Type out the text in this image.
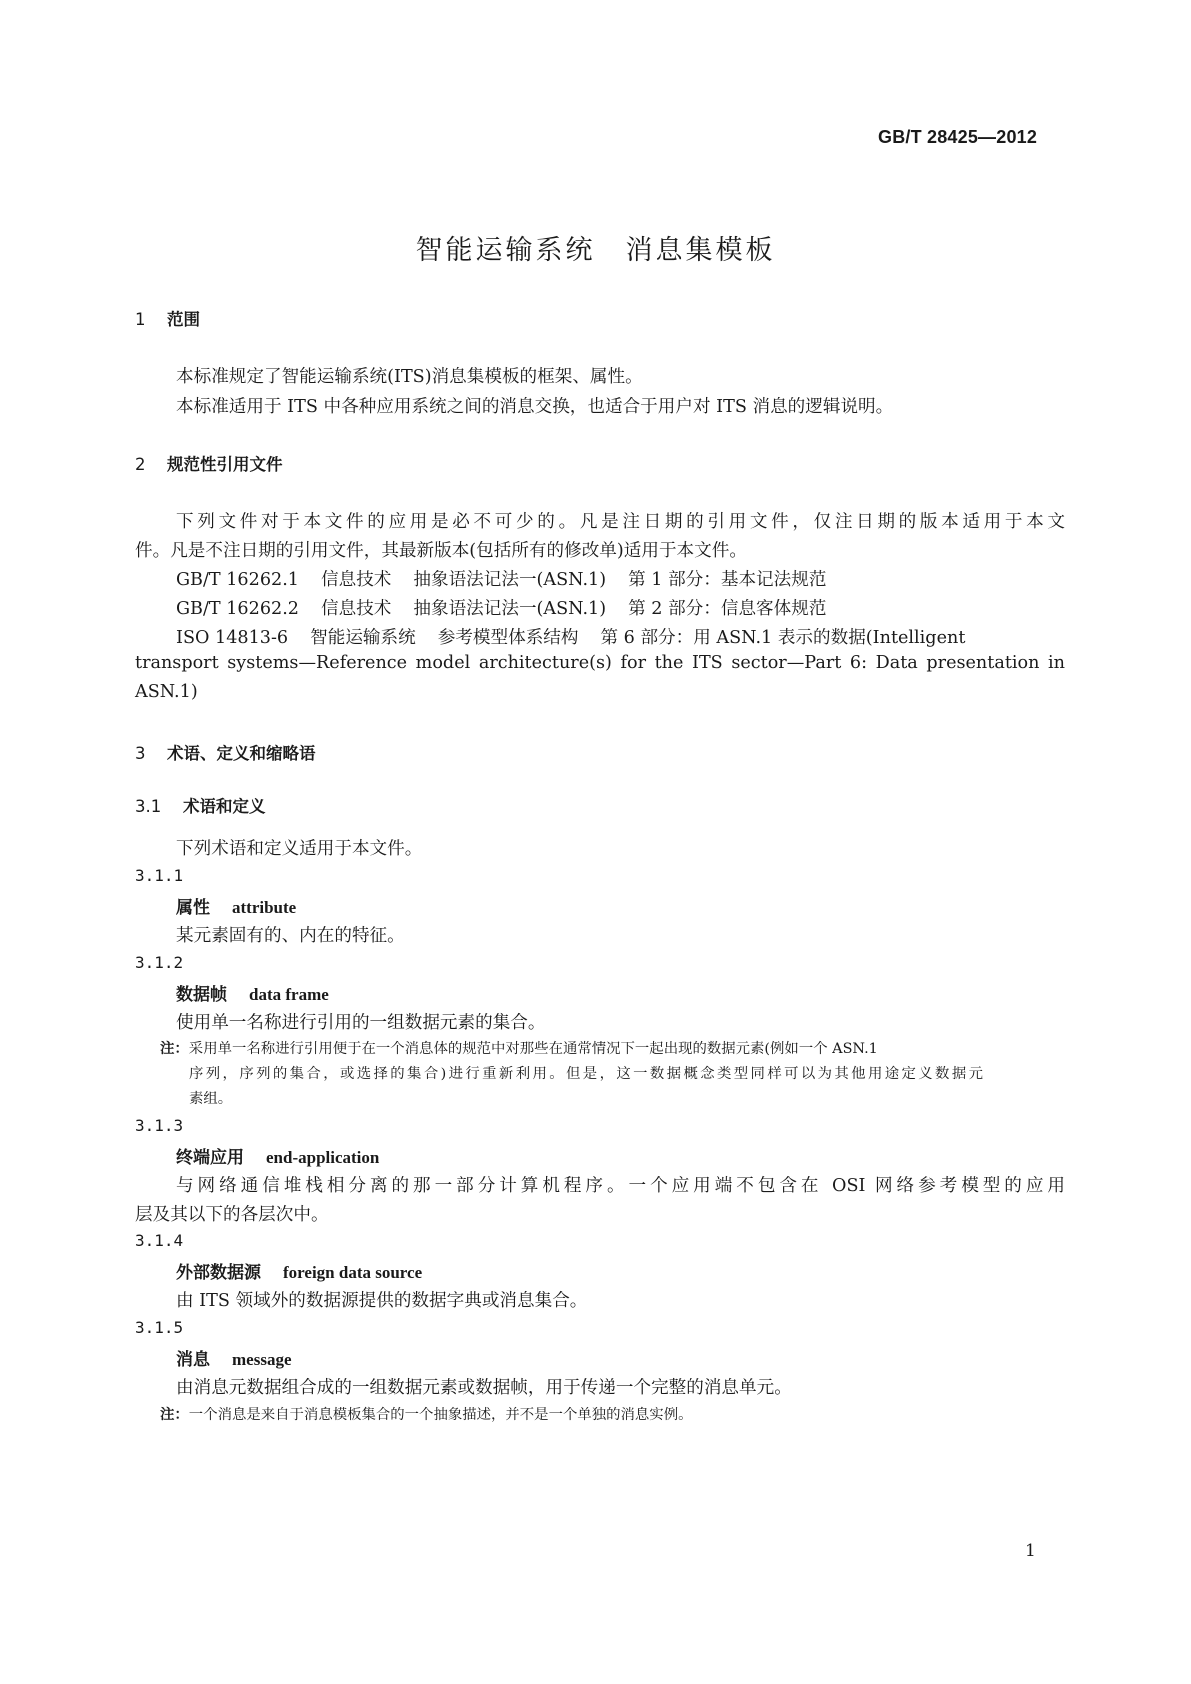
GB/T 28425—2012
智能运输系统　消息集模板
1 范围
本标准规定了智能运输系统(ITS)消息集模板的框架、属性。
本标准适用于 ITS 中各种应用系统之间的消息交换，也适合于用户对 ITS 消息的逻辑说明。
2 规范性引用文件
下列文件对于本文件的应用是必不可少的。凡是注日期的引用文件，仅注日期的版本适用于本文
件。凡是不注日期的引用文件，其最新版本(包括所有的修改单)适用于本文件。
GB/T 16262.1 信息技术 抽象语法记法一(ASN.1) 第 1 部分：基本记法规范
GB/T 16262.2 信息技术 抽象语法记法一(ASN.1) 第 2 部分：信息客体规范
ISO 14813-6 智能运输系统 参考模型体系结构 第 6 部分：用 ASN.1 表示的数据(Intelligent
transport systems—Reference model architecture(s) for the ITS sector—Part 6: Data presentation in
ASN.1)
3 术语、定义和缩略语
3.1 术语和定义
下列术语和定义适用于本文件。
3.1.1
属性 attribute
某元素固有的、内在的特征。
3.1.2
数据帧 data frame
使用单一名称进行引用的一组数据元素的集合。
注：采用单一名称进行引用便于在一个消息体的规范中对那些在通常情况下一起出现的数据元素(例如一个 ASN.1
序列，序列的集合，或选择的集合)进行重新利用。但是，这一数据概念类型同样可以为其他用途定义数据元
素组。
3.1.3
终端应用 end-application
与网络通信堆栈相分离的那一部分计算机程序。一个应用端不包含在 OSI 网络参考模型的应用
层及其以下的各层次中。
3.1.4
外部数据源 foreign data source
由 ITS 领域外的数据源提供的数据字典或消息集合。
3.1.5
消息 message
由消息元数据组合成的一组数据元素或数据帧，用于传递一个完整的消息单元。
注：一个消息是来自于消息模板集合的一个抽象描述，并不是一个单独的消息实例。
1
